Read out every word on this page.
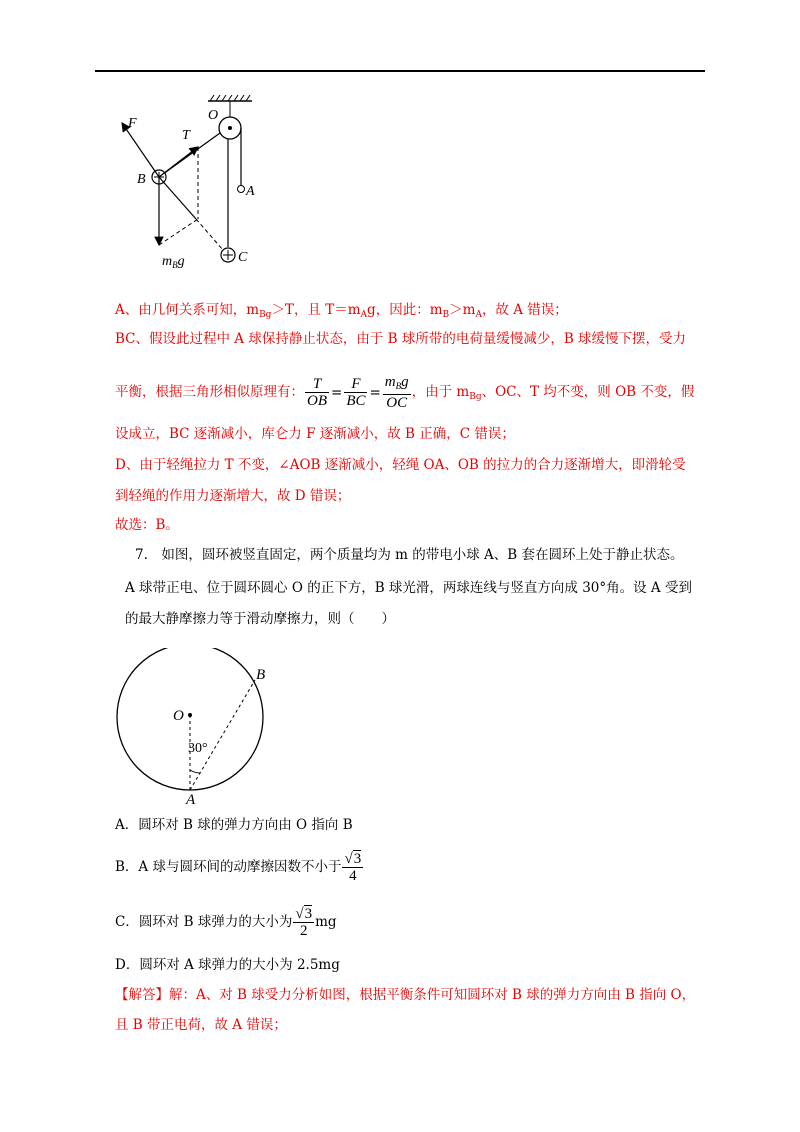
F
T
O
B
A
C
$m_Bg$
A、由几何关系可知，$m_{Bg}>T$，且 $T=m_Ag$，因此：$m_B>m_A$，故 A 错误；
BC、假设此过程中 A 球保持静止状态，由于 B 球所带的电荷量缓慢减少，B 球缓慢下摆，受力
平衡，根据三角形相似原理有： $\frac{T}{OB} = \frac{F}{BC} = \frac{m_Bg}{OC}$ ，由于 $m_{Bg}$、OC、T 均不变，则 OB 不变，假
设成立，BC 逐渐减小，库仑力 F 逐渐减小，故 B 正确，C 错误；
D、由于轻绳拉力 T 不变，∠AOB 逐渐减小，轻绳 OA、OB 的拉力的合力逐渐增大，即滑轮受
到轻绳的作用力逐渐增大，故 D 错误；
故选：B。
7.　如图，圆环被竖直固定，两个质量均为 m 的带电小球 A、B 套在圆环上处于静止状态。
A 球带正电、位于圆环圆心 O 的正下方，B 球光滑，两球连线与竖直方向成 30°角。设 A 受到
的最大静摩擦力等于滑动摩擦力，则（　　）
O
B
A
30°
A．圆环对 B 球的弹力方向由 O 指向 B
B．A 球与圆环间的动摩擦因数不小于 $\frac{√3}{4}$
C．圆环对 B 球弹力的大小为 $\frac{√3}{2}$ mg
D．圆环对 A 球弹力的大小为 2.5mg
【解答】解：A、对 B 球受力分析如图，根据平衡条件可知圆环对 B 球的弹力方向由 B 指向 O，
且 B 带正电荷，故 A 错误；
